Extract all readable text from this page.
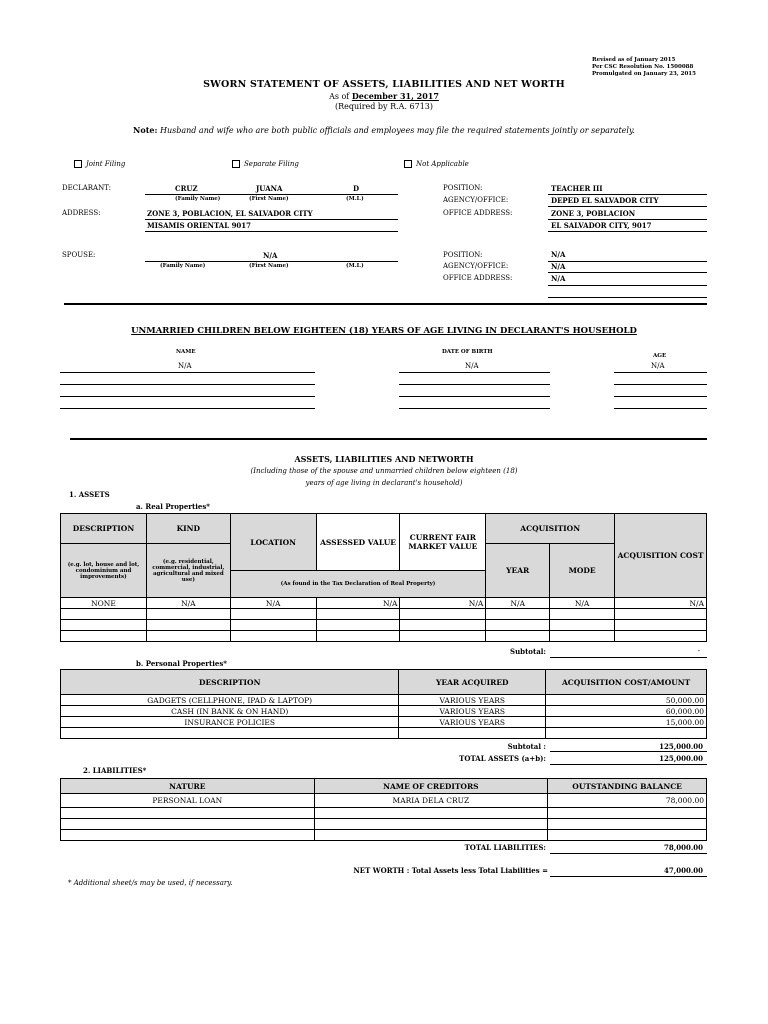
Revised as of January 2015
Per CSC Resolution No. 1500088
Promulgated on January 23, 2015
SWORN STATEMENT OF ASSETS, LIABILITIES AND NET WORTH
As of December 31, 2017
(Required by R.A. 6713)
Note: Husband and wife who are both public officials and employees may file the required statements jointly or separately.
Joint Filing	Separate Filing	Not Applicable
DECLARANT:	CRUZ	JUANA	D
(Family Name)	(First Name)	(M.I.)
ADDRESS:	ZONE 3, POBLACION, EL SALVADOR CITY
MISAMIS ORIENTAL 9017
POSITION:	TEACHER III
AGENCY/OFFICE:	DEPED EL SALVADOR CITY
OFFICE ADDRESS:	ZONE 3, POBLACION
EL SALVADOR CITY, 9017
SPOUSE:	N/A
(Family Name)	(First Name)	(M.I.)
POSITION:	N/A
AGENCY/OFFICE:	N/A
OFFICE ADDRESS:	N/A
UNMARRIED CHILDREN BELOW EIGHTEEN (18) YEARS OF AGE LIVING IN DECLARANT'S HOUSEHOLD
NAME	DATE OF BIRTH
AGE
N/A	N/A	N/A
ASSETS, LIABILITIES AND NETWORTH
(Including those of the spouse and unmarried children below eighteen (18)
years of age living in declarant's household)
1. ASSETS
a. Real Properties*
DESCRIPTION	KIND	LOCATION	ASSESSED VALUE	CURRENT FAIR MARKET VALUE	ACQUISITION		ACQUISITION COST
(e.g. lot, house and lot, condominium and improvements)	(e.g. residential, commercial, industrial, agricultural and mixed use)				YEAR	MODE	
		(As found in the Tax Declaration of Real Property)					
NONE	N/A	N/A	N/A	N/A	N/A	N/A	N/A

Subtotal:	-
b. Personal Properties*
DESCRIPTION	YEAR ACQUIRED	ACQUISITION COST/AMOUNT
GADGETS (CELLPHONE, IPAD & LAPTOP)	VARIOUS YEARS	50,000.00
CASH (IN BANK & ON HAND)	VARIOUS YEARS	60,000.00
INSURANCE POLICIES	VARIOUS YEARS	15,000.00

Subtotal :	125,000.00
TOTAL ASSETS (a+b):	125,000.00
2. LIABILITIES*
NATURE	NAME OF CREDITORS	OUTSTANDING BALANCE
PERSONAL LOAN	MARIA DELA CRUZ	78,000.00

TOTAL LIABILITIES:	78,000.00
NET WORTH : Total Assets less Total Liabilities =	47,000.00
* Additional sheet/s may be used, if necessary.
